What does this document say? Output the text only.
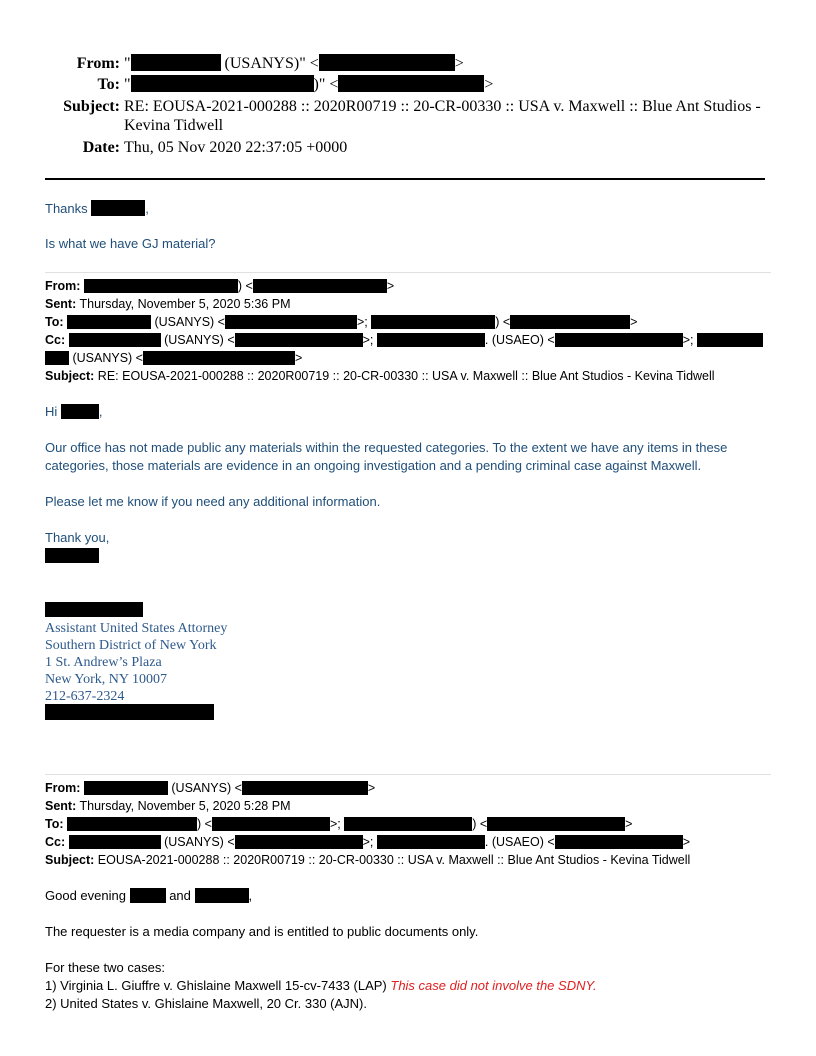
From: "	(USANYS)" <	>
To: "	)" <	>
Subject: RE: EOUSA-2021-000288 :: 2020R00719 :: 20-CR-00330 :: USA v. Maxwell :: Blue Ant Studios -
Kevina Tidwell
Date: Thu, 05 Nov 2020 22:37:05 +0000
Thanks	,
Is what we have GJ material?
From:	) <	>
Sent: Thursday, November 5, 2020 5:36 PM
To:	(USANYS) <	>;	) <	>
Cc:	(USANYS) <	>;	. (USAEO) <	>;
(USANYS) <	>
Subject: RE: EOUSA-2021-000288 :: 2020R00719 :: 20-CR-00330 :: USA v. Maxwell :: Blue Ant Studios - Kevina Tidwell
Hi	,
Our office has not made public any materials within the requested categories. To the extent we have any items in these categories, those materials are evidence in an ongoing investigation and a pending criminal case against Maxwell.
Please let me know if you need any additional information.
Thank you,
Assistant United States Attorney
Southern District of New York
1 St. Andrew’s Plaza
New York, NY 10007
212-637-2324
From:	(USANYS) <	>
Sent: Thursday, November 5, 2020 5:28 PM
To:	) <	>;	) <	>
Cc:	(USANYS) <	>;	. (USAEO) <	>
Subject: EOUSA-2021-000288 :: 2020R00719 :: 20-CR-00330 :: USA v. Maxwell :: Blue Ant Studios - Kevina Tidwell
Good evening	and	,
The requester is a media company and is entitled to public documents only.
For these two cases:
1) Virginia L. Giuffre v. Ghislaine Maxwell 15-cv-7433 (LAP) This case did not involve the SDNY.
2) United States v. Ghislaine Maxwell, 20 Cr. 330 (AJN).
